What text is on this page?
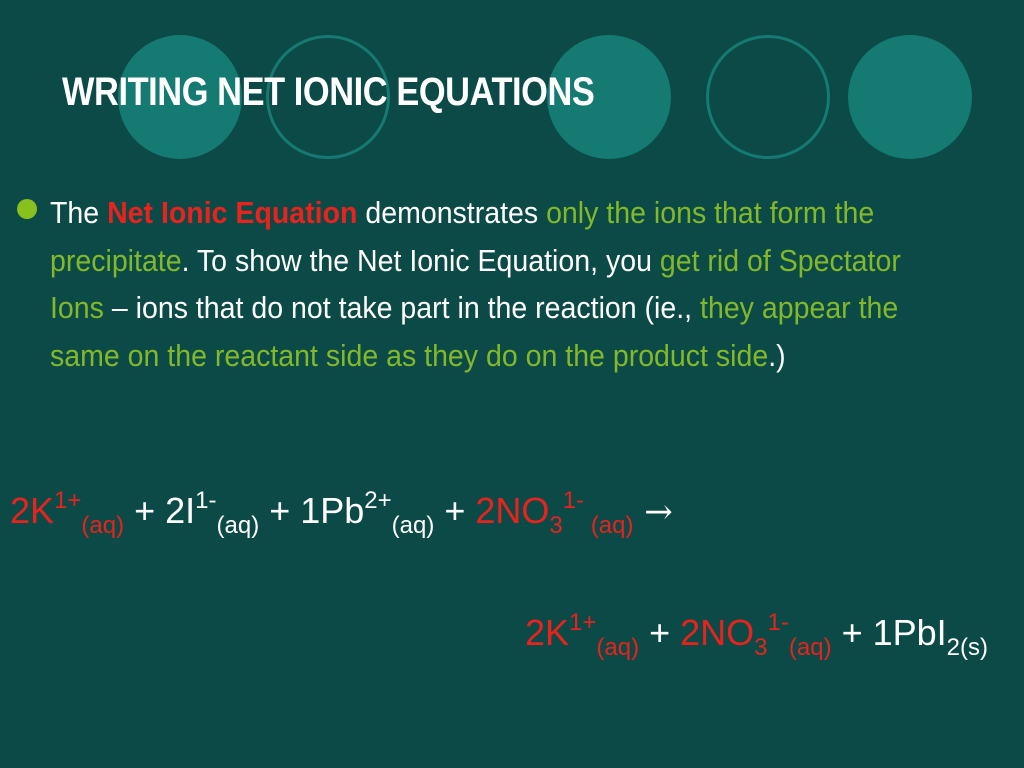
WRITING NET IONIC EQUATIONS
The Net Ionic Equation demonstrates only the ions that form the precipitate. To show the Net Ionic Equation, you get rid of Spectator Ions – ions that do not take part in the reaction (ie., they appear the same on the reactant side as they do on the product side.)
$2K^{1+}_{(aq)} + 2I^{1-}_{(aq)} + 1Pb^{2+}_{(aq)} + 2NO_3^{1-}$ $_{(aq)}$ →
$2K^{1+}_{(aq)} + 2NO_3^{1-}_{(aq)} + 1PbI_{2(s)}$
